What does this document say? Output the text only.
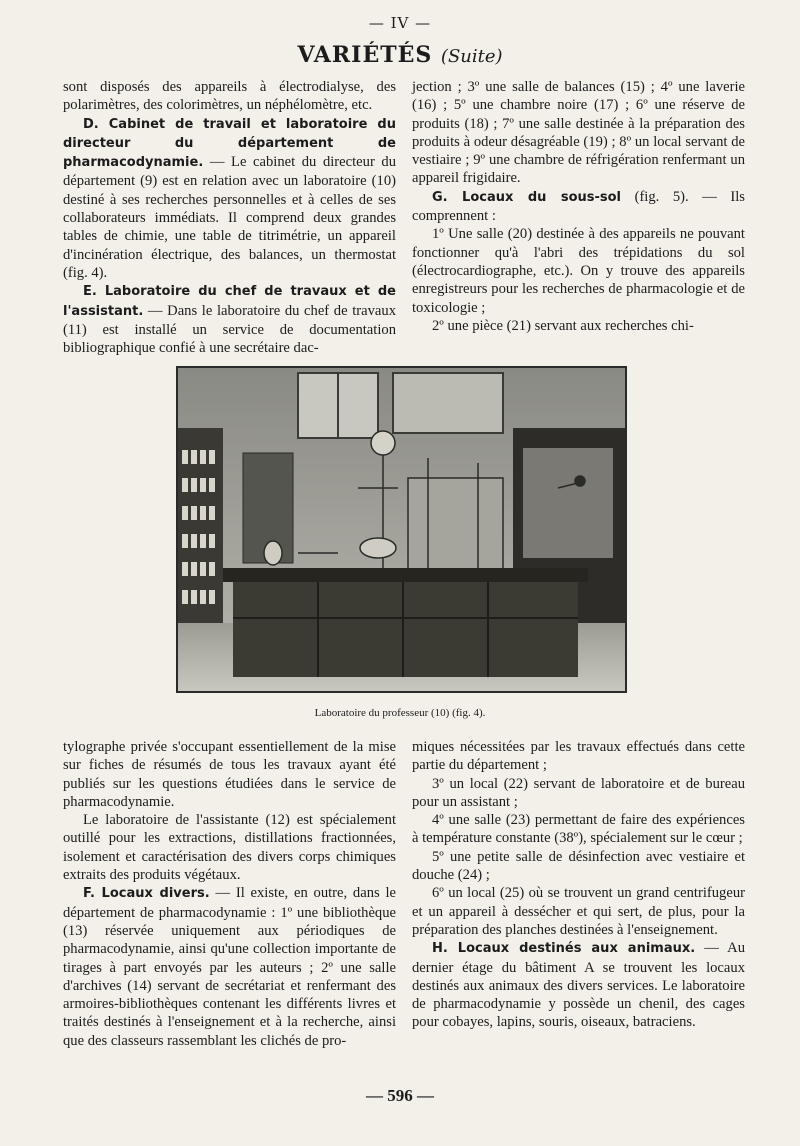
— IV —
VARIÉTÉS (Suite)

sont disposés des appareils à électrodialyse, des polarimètres, des colorimètres, un néphélomètre, etc.

D. Cabinet de travail et laboratoire du directeur du département de pharmacodynamie. — Le cabinet du directeur du département (9) est en relation avec un laboratoire (10) destiné à ses recherches personnelles et à celles de ses collaborateurs immédiats. Il comprend deux grandes tables de chimie, une table de titrimétrie, un appareil d'incinération électrique, des balances, un thermostat (fig. 4).

E. Laboratoire du chef de travaux et de l'assistant. — Dans le laboratoire du chef de travaux (11) est installé un service de documentation bibliographique confié à une secrétaire dac-

jection ; 3º une salle de balances (15) ; 4º une laverie (16) ; 5º une chambre noire (17) ; 6º une réserve de produits (18) ; 7º une salle destinée à la préparation des produits à odeur désagréable (19) ; 8º un local servant de vestiaire ; 9º une chambre de réfrigération renfermant un appareil frigidaire.

G. Locaux du sous-sol (fig. 5). — Ils comprennent :

1º Une salle (20) destinée à des appareils ne pouvant fonctionner qu'à l'abri des trépidations du sol (électrocardiographe, etc.). On y trouve des appareils enregistreurs pour les recherches de pharmacologie et de toxicologie ;

2º une pièce (21) servant aux recherches chi-

Laboratoire du professeur (10) (fig. 4).

tylographe privée s'occupant essentiellement de la mise sur fiches de résumés de tous les travaux ayant été publiés sur les questions étudiées dans le service de pharmacodynamie.

Le laboratoire de l'assistante (12) est spécialement outillé pour les extractions, distillations fractionnées, isolement et caractérisation des divers corps chimiques extraits des produits végétaux.

F. Locaux divers. — Il existe, en outre, dans le département de pharmacodynamie : 1º une bibliothèque (13) réservée uniquement aux périodiques de pharmacodynamie, ainsi qu'une collection importante de tirages à part envoyés par les auteurs ; 2º une salle d'archives (14) servant de secrétariat et renfermant des armoires-bibliothèques contenant les différents livres et traités destinés à l'enseignement et à la recherche, ainsi que des classeurs rassemblant les clichés de pro-

miques nécessitées par les travaux effectués dans cette partie du département ;

3º un local (22) servant de laboratoire et de bureau pour un assistant ;

4º une salle (23) permettant de faire des expériences à température constante (38º), spécialement sur le cœur ;

5º une petite salle de désinfection avec vestiaire et douche (24) ;

6º un local (25) où se trouvent un grand centrifugeur et un appareil à dessécher et qui sert, de plus, pour la préparation des planches destinées à l'enseignement.

H. Locaux destinés aux animaux. — Au dernier étage du bâtiment A se trouvent les locaux destinés aux animaux des divers services. Le laboratoire de pharmacodynamie y possède un chenil, des cages pour cobayes, lapins, souris, oiseaux, batraciens.

— 596 —
